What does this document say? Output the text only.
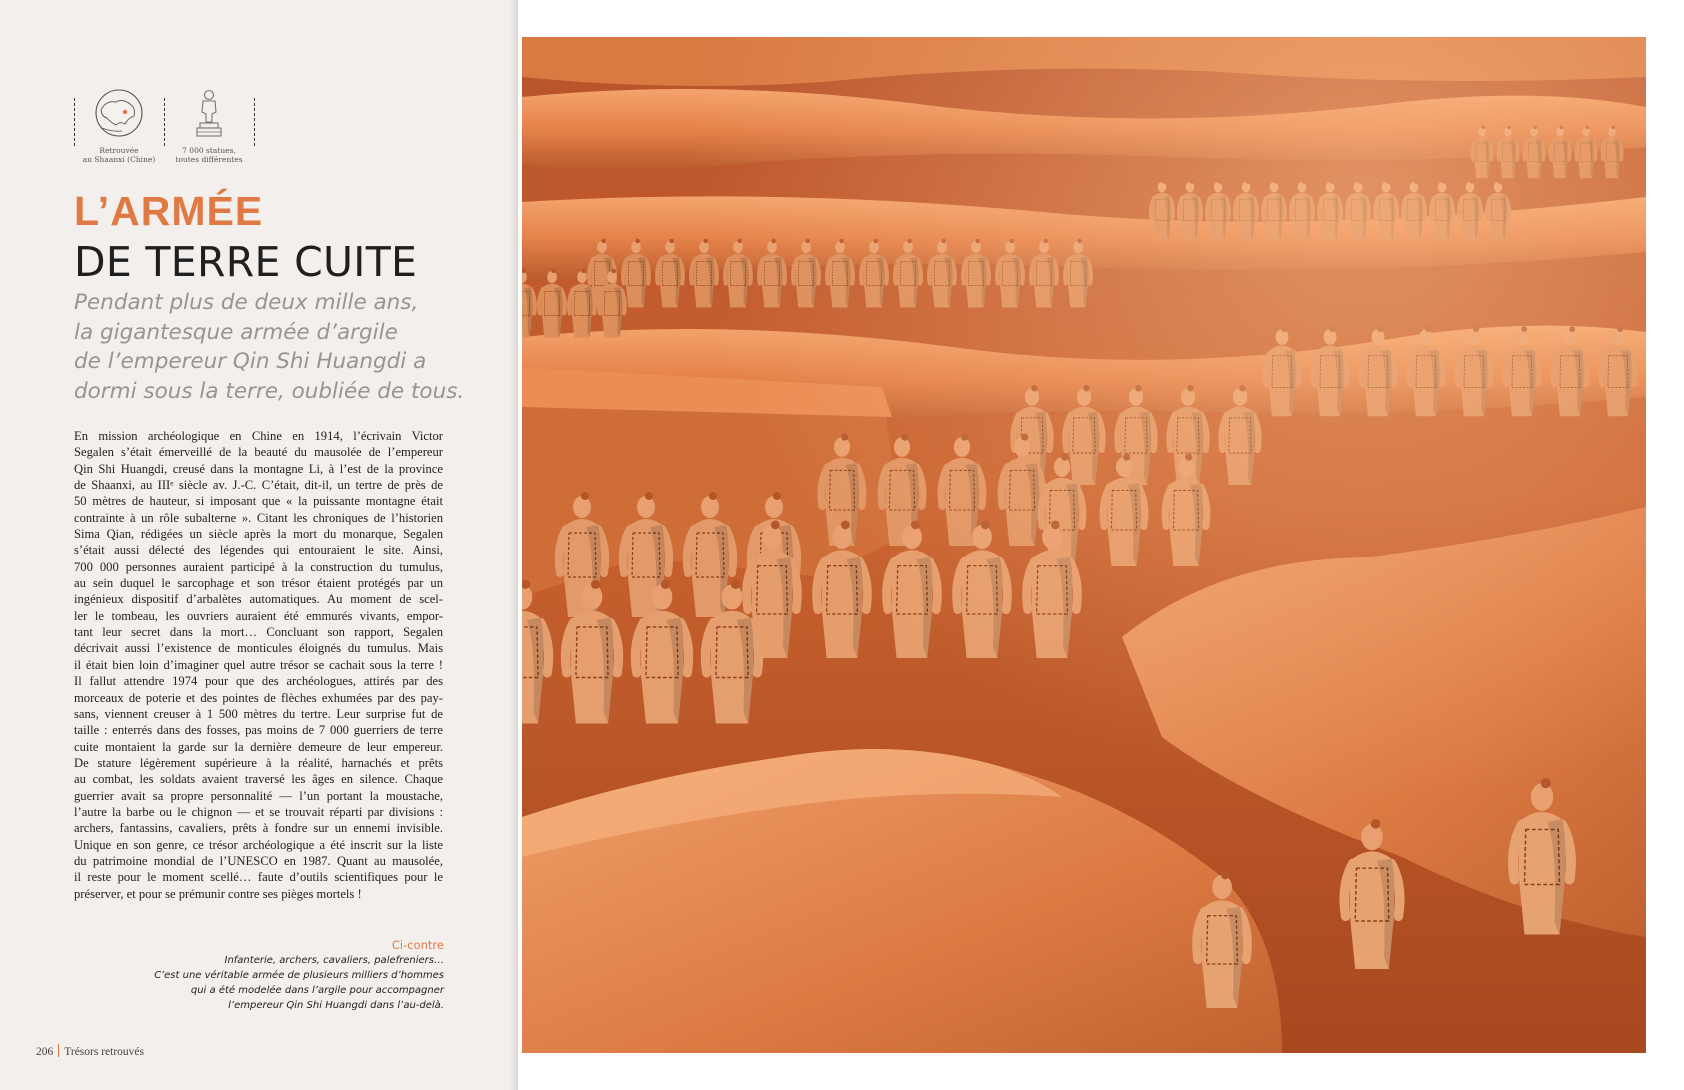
Retrouvée
au Shaanxi (Chine)
7 000 statues,
toutes différentes
L’ARMÉE
DE TERRE CUITE
Pendant plus de deux mille ans,
la gigantesque armée d’argile
de l’empereur Qin Shi Huangdi a
dormi sous la terre, oubliée de tous.
En mission archéologique en Chine en 1914, l’écrivain Victor
Segalen s’était émerveillé de la beauté du mausolée de l’empereur
Qin Shi Huangdi, creusé dans la montagne Li, à l’est de la province
de Shaanxi, au IIIᵉ siècle av. J.-C. C’était, dit-il, un tertre de près de
50 mètres de hauteur, si imposant que « la puissante montagne était
contrainte à un rôle subalterne ». Citant les chroniques de l’historien
Sima Qian, rédigées un siècle après la mort du monarque, Segalen
s’était aussi délecté des légendes qui entouraient le site. Ainsi,
700 000 personnes auraient participé à la construction du tumulus,
au sein duquel le sarcophage et son trésor étaient protégés par un
ingénieux dispositif d’arbalètes automatiques. Au moment de scel-
ler le tombeau, les ouvriers auraient été emmurés vivants, empor-
tant leur secret dans la mort… Concluant son rapport, Segalen
décrivait aussi l’existence de monticules éloignés du tumulus. Mais
il était bien loin d’imaginer quel autre trésor se cachait sous la terre !
Il fallut attendre 1974 pour que des archéologues, attirés par des
morceaux de poterie et des pointes de flèches exhumées par des pay-
sans, viennent creuser à 1 500 mètres du tertre. Leur surprise fut de
taille : enterrés dans des fosses, pas moins de 7 000 guerriers de terre
cuite montaient la garde sur la dernière demeure de leur empereur.
De stature légèrement supérieure à la réalité, harnachés et prêts
au combat, les soldats avaient traversé les âges en silence. Chaque
guerrier avait sa propre personnalité — l’un portant la moustache,
l’autre la barbe ou le chignon — et se trouvait réparti par divisions :
archers, fantassins, cavaliers, prêts à fondre sur un ennemi invisible.
Unique en son genre, ce trésor archéologique a été inscrit sur la liste
du patrimoine mondial de l’UNESCO en 1987. Quant au mausolée,
il reste pour le moment scellé… faute d’outils scientifiques pour le
préserver, et pour se prémunir contre ses pièges mortels !
Ci-contre
Infanterie, archers, cavaliers, palefreniers…
C’est une véritable armée de plusieurs milliers d’hommes
qui a été modelée dans l’argile pour accompagner
l’empereur Qin Shi Huangdi dans l’au-delà.
206 Trésors retrouvés
